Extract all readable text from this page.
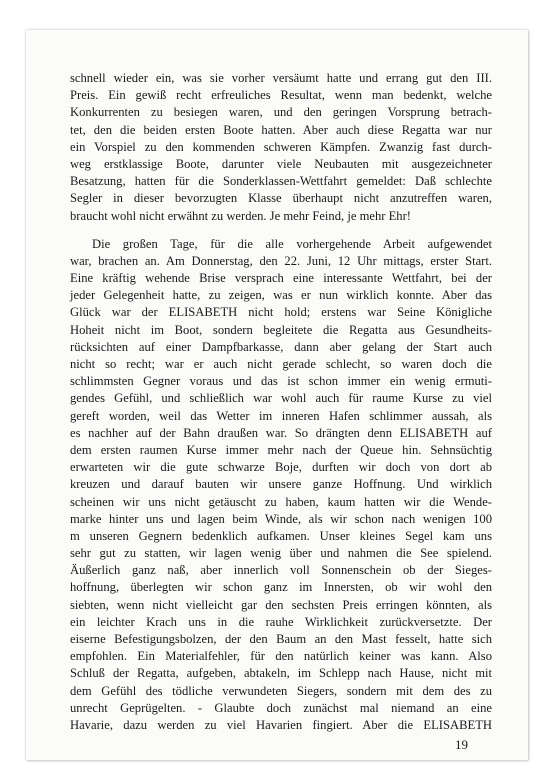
schnell wieder ein, was sie vorher versäumt hatte und errang gut den III.
Preis. Ein gewiß recht erfreuliches Resultat, wenn man bedenkt, welche
Konkurrenten zu besiegen waren, und den geringen Vorsprung betrach-
tet, den die beiden ersten Boote hatten. Aber auch diese Regatta war nur
ein Vorspiel zu den kommenden schweren Kämpfen. Zwanzig fast durch-
weg erstklassige Boote, darunter viele Neubauten mit ausgezeichneter
Besatzung, hatten für die Sonderklassen-Wettfahrt gemeldet: Daß schlechte
Segler in dieser bevorzugten Klasse überhaupt nicht anzutreffen waren,
braucht wohl nicht erwähnt zu werden. Je mehr Feind, je mehr Ehr!
Die großen Tage, für die alle vorhergehende Arbeit aufgewendet
war, brachen an. Am Donnerstag, den 22. Juni, 12 Uhr mittags, erster Start.
Eine kräftig wehende Brise versprach eine interessante Wettfahrt, bei der
jeder Gelegenheit hatte, zu zeigen, was er nun wirklich konnte. Aber das
Glück war der ELISABETH nicht hold; erstens war Seine Königliche
Hoheit nicht im Boot, sondern begleitete die Regatta aus Gesundheits-
rücksichten auf einer Dampfbarkasse, dann aber gelang der Start auch
nicht so recht; war er auch nicht gerade schlecht, so waren doch die
schlimmsten Gegner voraus und das ist schon immer ein wenig ermuti-
gendes Gefühl, und schließlich war wohl auch für raume Kurse zu viel
gereft worden, weil das Wetter im inneren Hafen schlimmer aussah, als
es nachher auf der Bahn draußen war. So drängten denn ELISABETH auf
dem ersten raumen Kurse immer mehr nach der Queue hin. Sehnsüchtig
erwarteten wir die gute schwarze Boje, durften wir doch von dort ab
kreuzen und darauf bauten wir unsere ganze Hoffnung. Und wirklich
scheinen wir uns nicht getäuscht zu haben, kaum hatten wir die Wende-
marke hinter uns und lagen beim Winde, als wir schon nach wenigen 100
m unseren Gegnern bedenklich aufkamen. Unser kleines Segel kam uns
sehr gut zu statten, wir lagen wenig über und nahmen die See spielend.
Äußerlich ganz naß, aber innerlich voll Sonnenschein ob der Sieges-
hoffnung, überlegten wir schon ganz im Innersten, ob wir wohl den
siebten, wenn nicht vielleicht gar den sechsten Preis erringen könnten, als
ein leichter Krach uns in die rauhe Wirklichkeit zurückversetzte. Der
eiserne Befestigungsbolzen, der den Baum an den Mast fesselt, hatte sich
empfohlen. Ein Materialfehler, für den natürlich keiner was kann. Also
Schluß der Regatta, aufgeben, abtakeln, im Schlepp nach Hause, nicht mit
dem Gefühl des tödliche verwundeten Siegers, sondern mit dem des zu
unrecht Geprügelten. - Glaubte doch zunächst mal niemand an eine
Havarie, dazu werden zu viel Havarien fingiert. Aber die ELISABETH
19
